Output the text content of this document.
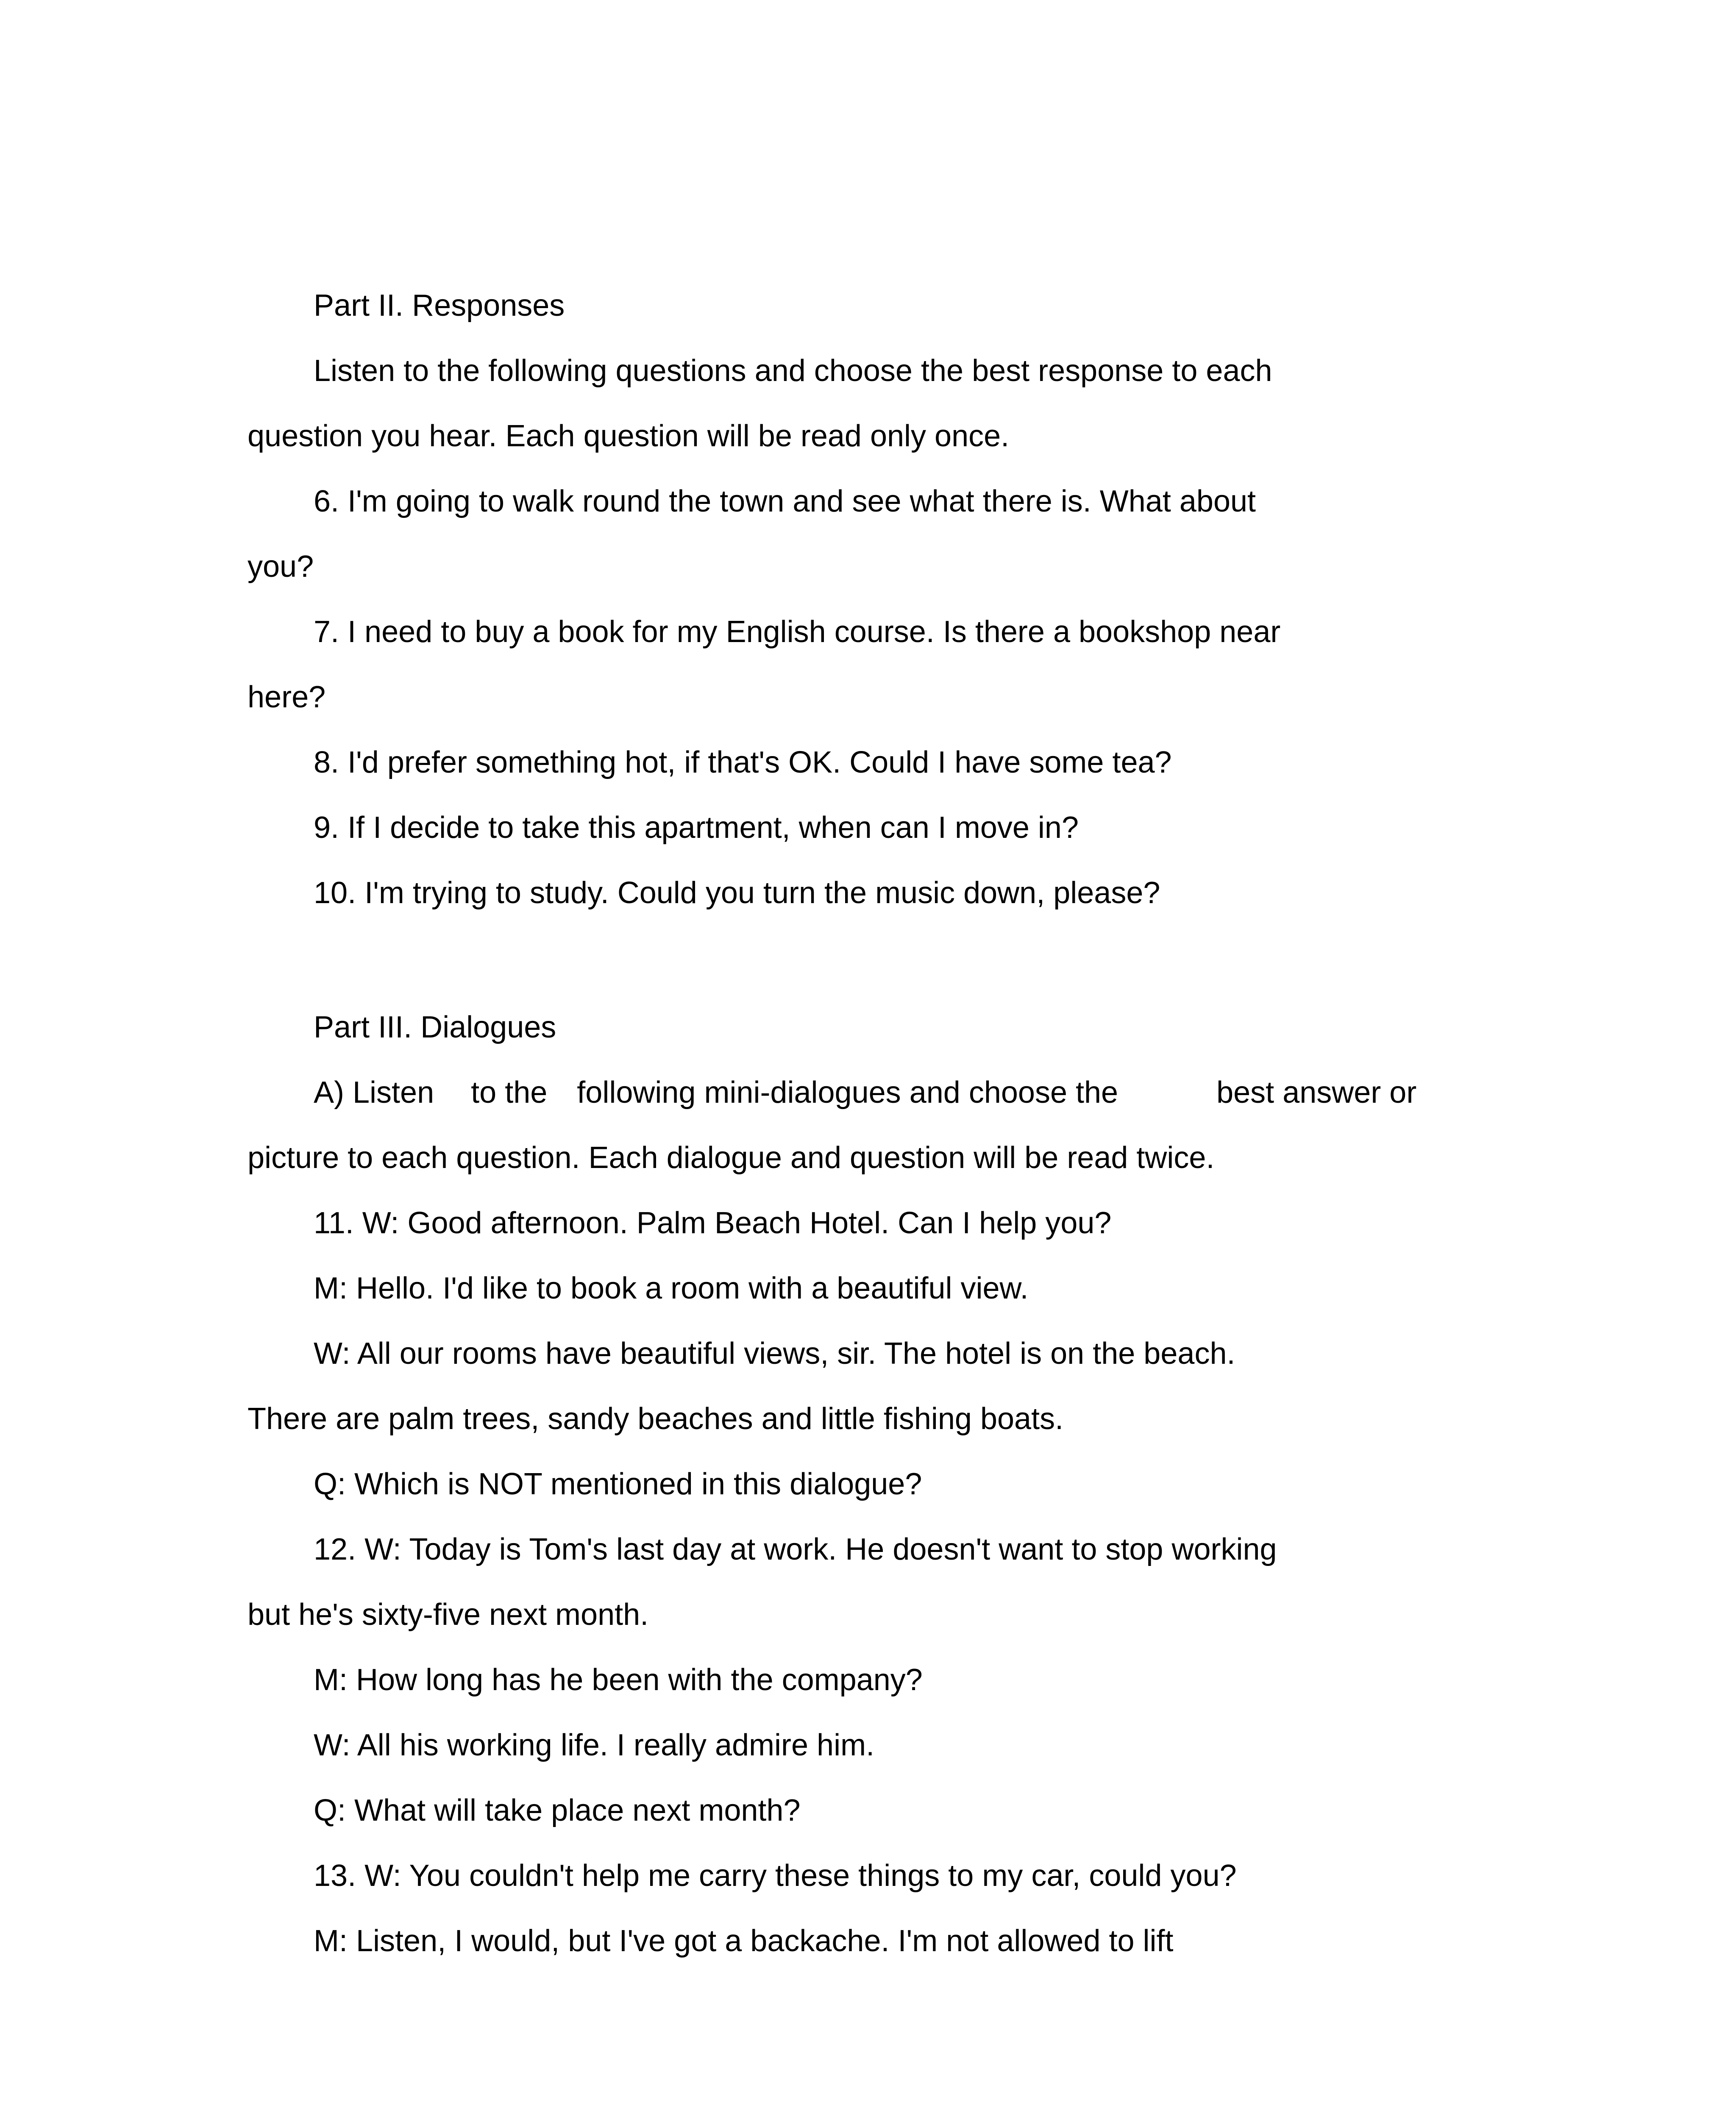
Part II. Responses

Listen to the following questions and choose the best response to each

question you hear. Each question will be read only once.

6. I'm going to walk round the town and see what there is. What about

you?

7. I need to buy a book for my English course. Is there a bookshop near

here?

8. I'd prefer something hot, if that's OK. Could I have some tea?

9. If I decide to take this apartment, when can I move in?

10. I'm trying to study. Could you turn the music down, please?

Part III. Dialogues

A) Listen to the following mini-dialogues and choose the	best answer or

picture to each question. Each dialogue and question will be read twice.

11. W: Good afternoon. Palm Beach Hotel. Can I help you?

M: Hello. I'd like to book a room with a beautiful view.

W: All our rooms have beautiful views, sir. The hotel is on the beach.

There are palm trees, sandy beaches and little fishing boats.

Q: Which is NOT mentioned in this dialogue?

12. W: Today is Tom's last day at work. He doesn't want to stop working

but he's sixty-five next month.

M: How long has he been with the company?

W: All his working life. I really admire him.

Q: What will take place next month?

13. W: You couldn't help me carry these things to my car, could you?

M: Listen, I would, but I've got a backache. I'm not allowed to lift
